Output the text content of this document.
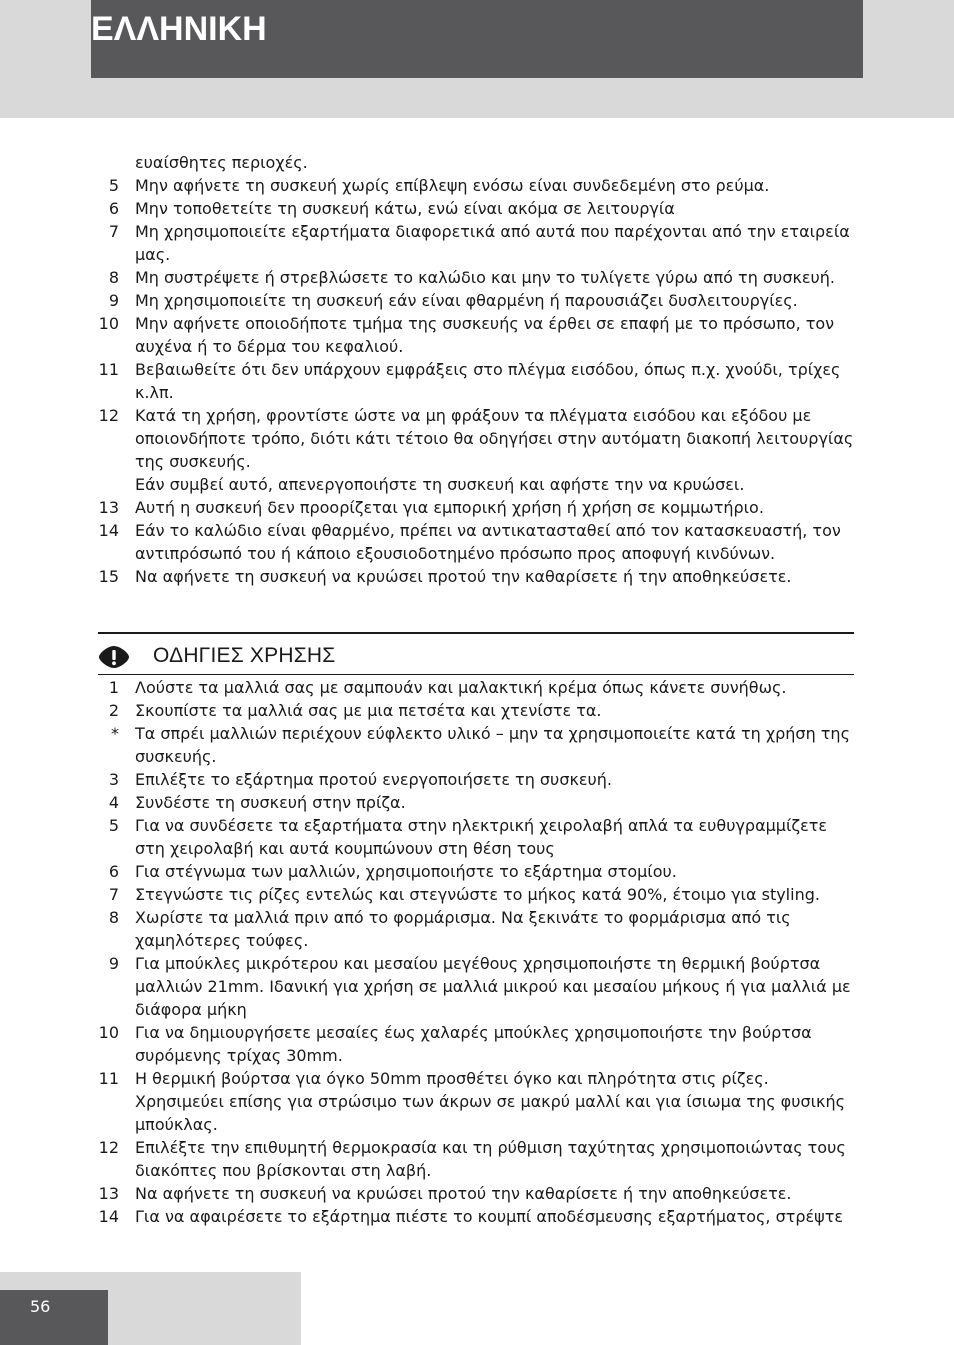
ΕΛΛΗΝΙΚΗ
ευαίσθητες περιοχές.
5 Μην αφήνετε τη συσκευή χωρίς επίβλεψη ενόσω είναι συνδεδεμένη στο ρεύμα.
6 Μην τοποθετείτε τη συσκευή κάτω, ενώ είναι ακόμα σε λειτουργία
7 Μη χρησιμοποιείτε εξαρτήματα διαφορετικά από αυτά που παρέχονται από την εταιρεία μας.
8 Μη συστρέψετε ή στρεβλώσετε το καλώδιο και μην το τυλίγετε γύρω από τη συσκευή.
9 Μη χρησιμοποιείτε τη συσκευή εάν είναι φθαρμένη ή παρουσιάζει δυσλειτουργίες.
10 Μην αφήνετε οποιοδήποτε τμήμα της συσκευής να έρθει σε επαφή με το πρόσωπο, τον αυχένα ή το δέρμα του κεφαλιού.
11 Βεβαιωθείτε ότι δεν υπάρχουν εμφράξεις στο πλέγμα εισόδου, όπως π.χ. χνούδι, τρίχες κ.λπ.
12 Κατά τη χρήση, φροντίστε ώστε να μη φράξουν τα πλέγματα εισόδου και εξόδου με οποιονδήποτε τρόπο, διότι κάτι τέτοιο θα οδηγήσει στην αυτόματη διακοπή λειτουργίας της συσκευής.
Εάν συμβεί αυτό, απενεργοποιήστε τη συσκευή και αφήστε την να κρυώσει.
13 Αυτή η συσκευή δεν προορίζεται για εμπορική χρήση ή χρήση σε κομμωτήριο.
14 Εάν το καλώδιο είναι φθαρμένο, πρέπει να αντικατασταθεί από τον κατασκευαστή, τον αντιπρόσωπό του ή κάποιο εξουσιοδοτημένο πρόσωπο προς αποφυγή κινδύνων.
15 Να αφήνετε τη συσκευή να κρυώσει προτού την καθαρίσετε ή την αποθηκεύσετε.
ΟΔΗΓΙΕΣ ΧΡΗΣΗΣ
1 Λούστε τα μαλλιά σας με σαμπουάν και μαλακτική κρέμα όπως κάνετε συνήθως.
2 Σκουπίστε τα μαλλιά σας με μια πετσέτα και χτενίστε τα.
* Τα σπρέι μαλλιών περιέχουν εύφλεκτο υλικό – μην τα χρησιμοποιείτε κατά τη χρήση της συσκευής.
3 Επιλέξτε το εξάρτημα προτού ενεργοποιήσετε τη συσκευή.
4 Συνδέστε τη συσκευή στην πρίζα.
5 Για να συνδέσετε τα εξαρτήματα στην ηλεκτρική χειρολαβή απλά τα ευθυγραμμίζετε στη χειρολαβή και αυτά κουμπώνουν στη θέση τους
6 Για στέγνωμα των μαλλιών, χρησιμοποιήστε το εξάρτημα στομίου.
7 Στεγνώστε τις ρίζες εντελώς και στεγνώστε το μήκος κατά 90%, έτοιμο για styling.
8 Χωρίστε τα μαλλιά πριν από το φορμάρισμα. Να ξεκινάτε το φορμάρισμα από τις χαμηλότερες τούφες.
9 Για μπούκλες μικρότερου και μεσαίου μεγέθους χρησιμοποιήστε τη θερμική βούρτσα μαλλιών 21mm. Ιδανική για χρήση σε μαλλιά μικρού και μεσαίου μήκους ή για μαλλιά με διάφορα μήκη
10 Για να δημιουργήσετε μεσαίες έως χαλαρές μπούκλες χρησιμοποιήστε την βούρτσα συρόμενης τρίχας 30mm.
11 Η θερμική βούρτσα για όγκο 50mm προσθέτει όγκο και πληρότητα στις ρίζες. Χρησιμεύει επίσης για στρώσιμο των άκρων σε μακρύ μαλλί και για ίσιωμα της φυσικής μπούκλας.
12 Επιλέξτε την επιθυμητή θερμοκρασία και τη ρύθμιση ταχύτητας χρησιμοποιώντας τους διακόπτες που βρίσκονται στη λαβή.
13 Να αφήνετε τη συσκευή να κρυώσει προτού την καθαρίσετε ή την αποθηκεύσετε.
14 Για να αφαιρέσετε το εξάρτημα πιέστε το κουμπί αποδέσμευσης εξαρτήματος, στρέψτε
56
